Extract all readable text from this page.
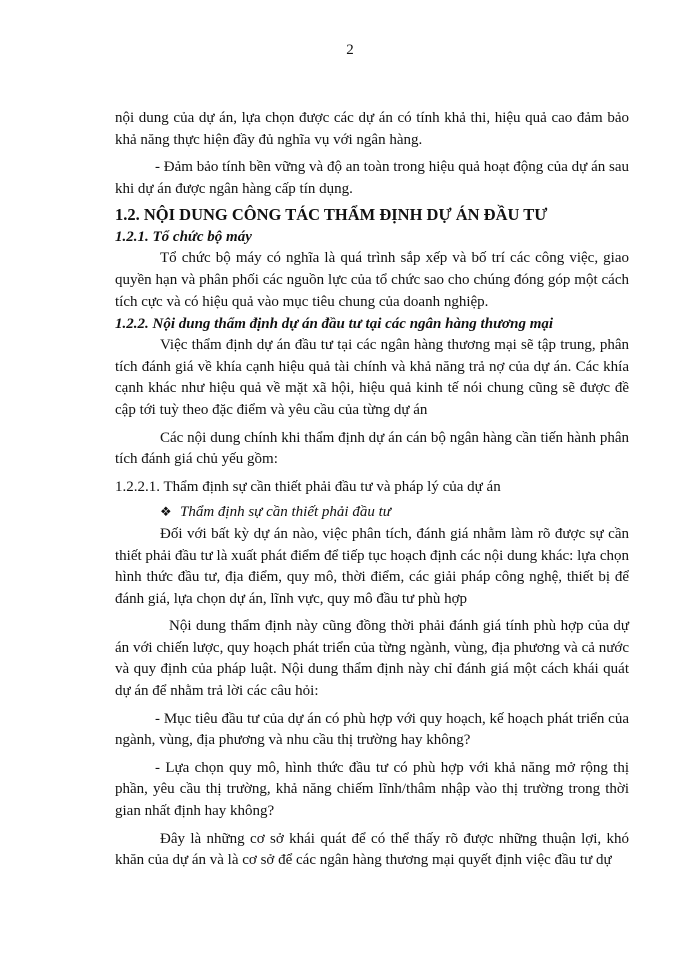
2

nội dung của dự án, lựa chọn được các dự án có tính khả thi, hiệu quả cao đảm bảo khả năng thực hiện đầy đủ nghĩa vụ với ngân hàng.

- Đảm bảo tính bền vững và độ an toàn trong hiệu quả hoạt động của dự án sau khi dự án được ngân hàng cấp tín dụng.

1.2. NỘI DUNG CÔNG TÁC THẨM ĐỊNH DỰ ÁN ĐẦU TƯ
1.2.1. Tổ chức bộ máy

Tổ chức bộ máy có nghĩa là quá trình sắp xếp và bố trí các công việc, giao quyền hạn và phân phối các nguồn lực của tổ chức sao cho chúng đóng góp một cách tích cực và có hiệu quả vào mục tiêu chung của doanh nghiệp.

1.2.2. Nội dung thẩm định dự án đầu tư tại các ngân hàng thương mại

Việc thẩm định dự án đầu tư tại các ngân hàng thương mại sẽ tập trung, phân tích đánh giá về khía cạnh hiệu quả tài chính và khả năng trả nợ của dự án. Các khía cạnh khác như hiệu quả về mặt xã hội, hiệu quả kinh tế nói chung cũng sẽ được đề cập tới tuỳ theo đặc điểm và yêu cầu của từng dự án

Các nội dung chính khi thẩm định dự án cán bộ ngân hàng cần tiến hành phân tích đánh giá chủ yếu gồm:

1.2.2.1. Thẩm định sự cần thiết phải đầu tư và pháp lý của dự án

❖ Thẩm định sự cần thiết phải đầu tư

Đối với bất kỳ dự án nào, việc phân tích, đánh giá nhằm làm rõ được sự cần thiết phải đầu tư là xuất phát điểm để tiếp tục hoạch định các nội dung khác: lựa chọn hình thức đầu tư, địa điểm, quy mô, thời điểm, các giải pháp công nghệ, thiết bị để đánh giá, lựa chọn dự án, lĩnh vực, quy mô đầu tư phù hợp

Nội dung thẩm định này cũng đồng thời phải đánh giá tính phù hợp của dự án với chiến lược, quy hoạch phát triển của từng ngành, vùng, địa phương và cả nước và quy định của pháp luật. Nội dung thẩm định này chỉ đánh giá một cách khái quát dự án để nhằm trả lời các câu hỏi:

- Mục tiêu đầu tư của dự án có phù hợp với quy hoạch, kế hoạch phát triển của ngành, vùng, địa phương và nhu cầu thị trường hay không?

- Lựa chọn quy mô, hình thức đầu tư có phù hợp với khả năng mở rộng thị phần, yêu cầu thị trường, khả năng chiếm lĩnh/thâm nhập vào thị trường trong thời gian nhất định hay không?

Đây là những cơ sở khái quát để có thể thấy rõ được những thuận lợi, khó khăn của dự án và là cơ sở để các ngân hàng thương mại quyết định việc đầu tư dự
